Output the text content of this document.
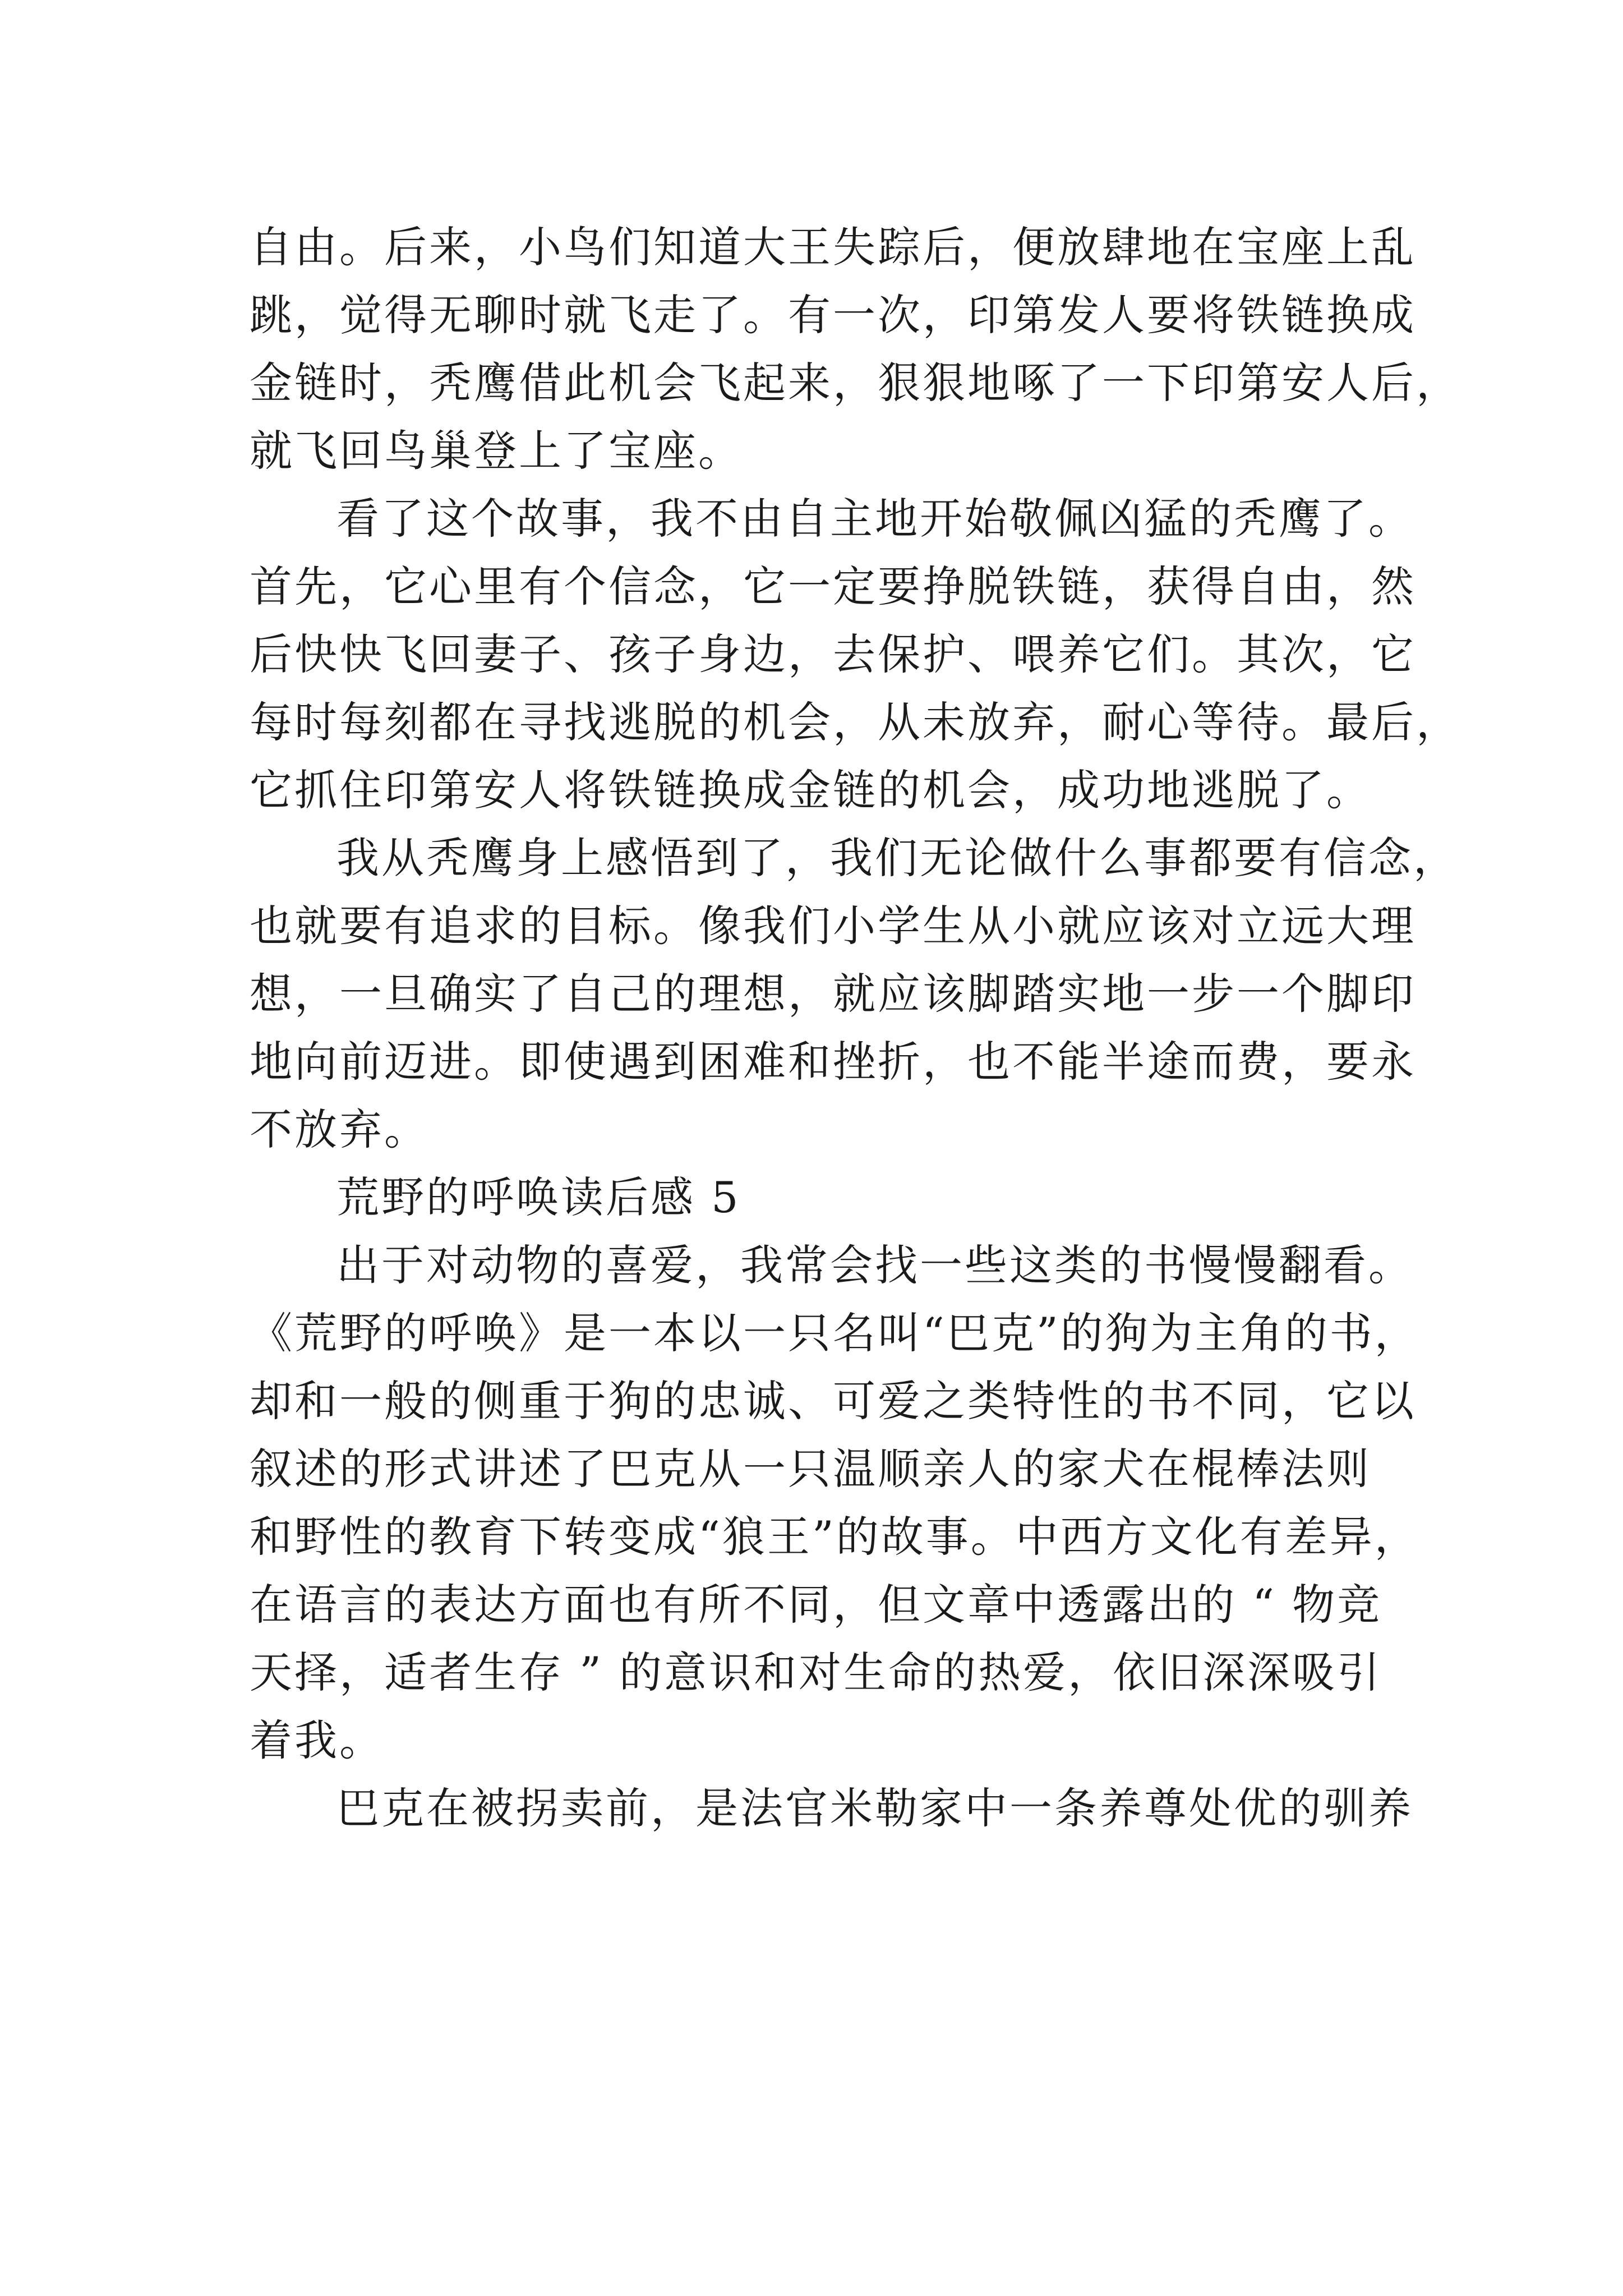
自由。后来，小鸟们知道大王失踪后，便放肆地在宝座上乱
跳，觉得无聊时就飞走了。有一次，印第发人要将铁链换成
金链时，秃鹰借此机会飞起来，狠狠地啄了一下印第安人后，
就飞回鸟巢登上了宝座。
看了这个故事，我不由自主地开始敬佩凶猛的秃鹰了。
首先，它心里有个信念，它一定要挣脱铁链，获得自由，然
后快快飞回妻子、孩子身边，去保护、喂养它们。其次，它
每时每刻都在寻找逃脱的机会，从未放弃，耐心等待。最后，
它抓住印第安人将铁链换成金链的机会，成功地逃脱了。
我从秃鹰身上感悟到了，我们无论做什么事都要有信念，
也就要有追求的目标。像我们小学生从小就应该对立远大理
想，一旦确实了自己的理想，就应该脚踏实地一步一个脚印
地向前迈进。即使遇到困难和挫折，也不能半途而费，要永
不放弃。
荒野的呼唤读后感 5
出于对动物的喜爱，我常会找一些这类的书慢慢翻看。
《荒野的呼唤》是一本以一只名叫“巴克”的狗为主角的书，
却和一般的侧重于狗的忠诚、可爱之类特性的书不同，它以
叙述的形式讲述了巴克从一只温顺亲人的家犬在棍棒法则
和野性的教育下转变成“狼王”的故事。中西方文化有差异，
在语言的表达方面也有所不同，但文章中透露出的 “ 物竞
天择，适者生存 ” 的意识和对生命的热爱，依旧深深吸引
着我。
巴克在被拐卖前，是法官米勒家中一条养尊处优的驯养
